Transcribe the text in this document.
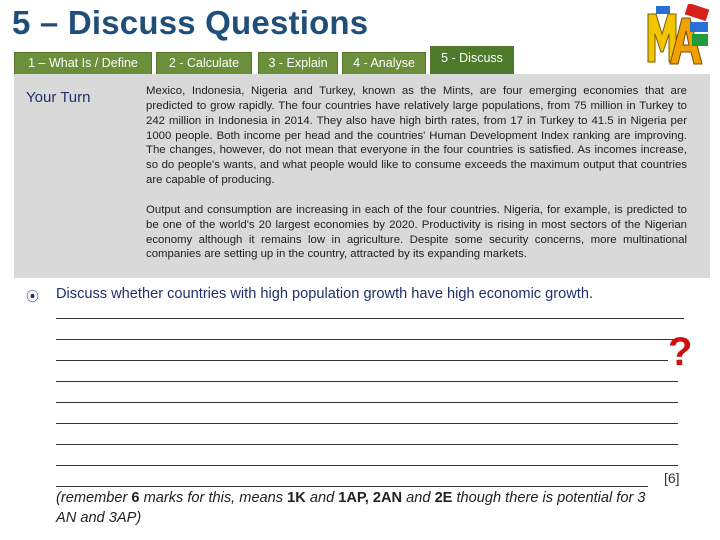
5 – Discuss Questions
1 – What Is / Define	2 - Calculate	3 - Explain	4 - Analyse	5 - Discuss
Your Turn	Mexico, Indonesia, Nigeria and Turkey, known as the Mints, are four emerging economies that are predicted to grow rapidly. The four countries have relatively large populations, from 75 million in Turkey to 242 million in Indonesia in 2014. They also have high birth rates, from 17 in Turkey to 41.5 in Nigeria per 1000 people. Both income per head and the countries' Human Development Index ranking are improving. The changes, however, do not mean that everyone in the four countries is satisfied. As incomes increase, so do people's wants, and what people would like to consume exceeds the maximum output that countries are capable of producing.

Output and consumption are increasing in each of the four countries. Nigeria, for example, is predicted to be one of the world's 20 largest economies by 2020. Productivity is rising in most sectors of the Nigerian economy although it remains low in agriculture. Despite some security concerns, more multinational companies are setting up in the country, attracted by its expanding markets.

⦿ Discuss whether countries with high population growth have high economic growth.
?
[6]
(remember 6 marks for this, means 1K and 1AP, 2AN and 2E though there is potential for 3 AN and 3AP)
